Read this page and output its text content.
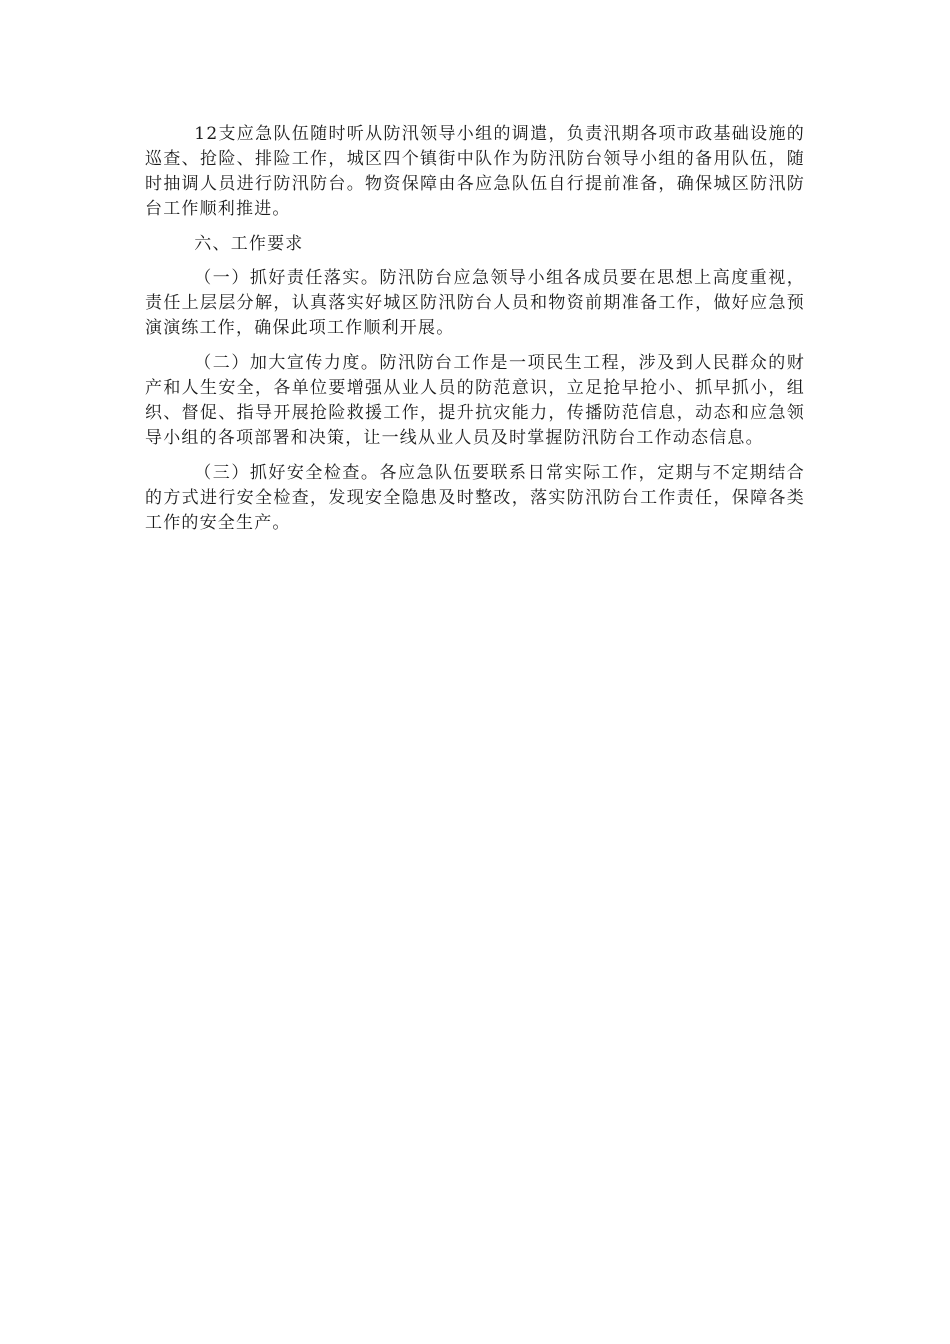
12支应急队伍随时听从防汛领导小组的调遣，负责汛期各项市政基础设施的巡查、抢险、排险工作，城区四个镇街中队作为防汛防台领导小组的备用队伍，随时抽调人员进行防汛防台。物资保障由各应急队伍自行提前准备，确保城区防汛防台工作顺利推进。

六、工作要求

（一）抓好责任落实。防汛防台应急领导小组各成员要在思想上高度重视，责任上层层分解，认真落实好城区防汛防台人员和物资前期准备工作，做好应急预演演练工作，确保此项工作顺利开展。

（二）加大宣传力度。防汛防台工作是一项民生工程，涉及到人民群众的财产和人生安全，各单位要增强从业人员的防范意识，立足抢早抢小、抓早抓小，组织、督促、指导开展抢险救援工作，提升抗灾能力，传播防范信息，动态和应急领导小组的各项部署和决策，让一线从业人员及时掌握防汛防台工作动态信息。

（三）抓好安全检查。各应急队伍要联系日常实际工作，定期与不定期结合的方式进行安全检查，发现安全隐患及时整改，落实防汛防台工作责任，保障各类工作的安全生产。
